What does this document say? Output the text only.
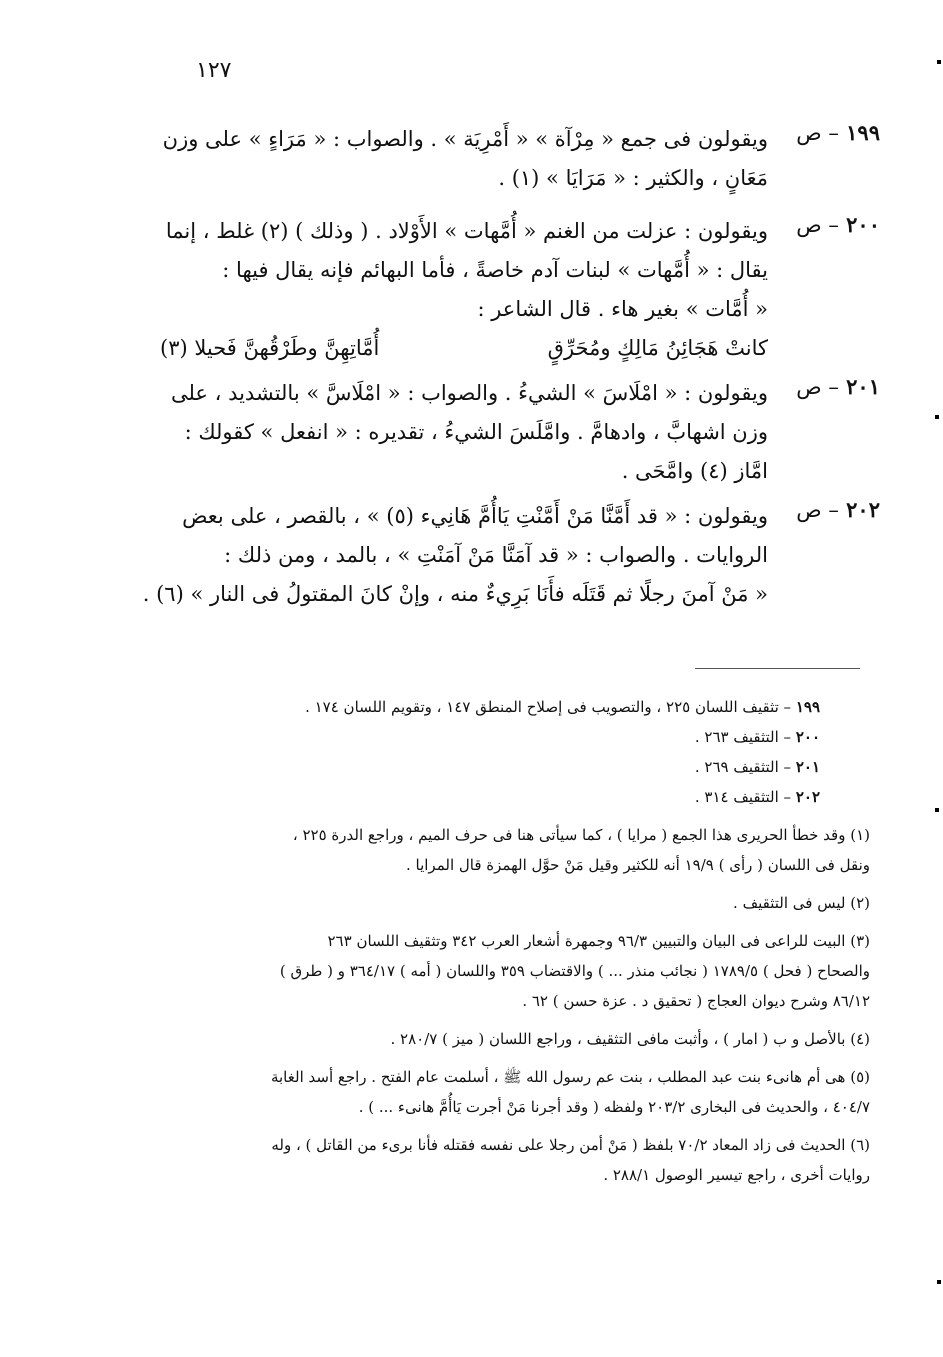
١٢٧
١٩٩ – ص
ويقولون فى جمع « مِرْآة » « أَمْرِيَة » . والصواب : « مَرَاءٍ » على وزن
مَعَانٍ ، والكثير : « مَرَايَا » (١) .
٢٠٠ – ص
ويقولون : عزلت من الغنم « أُمَّهات » الأَوْلاد . ( وذلك ) (٢) غلط ، إنما
يقال : « أُمَّهات » لبنات آدم خاصةً ، فأما البهائم فإنه يقال فيها :
« أُمَّات » بغير هاء . قال الشاعر :
كانتْ هَجَائِنُ مَالِكٍ ومُحَرِّقٍ
أُمَّاتِهِنَّ وطَرْقُهنَّ فَحيلا (٣)
٢٠١ – ص
ويقولون : « امْلَاسَ » الشيءُ . والصواب : « امْلَاسَّ » بالتشديد ، على
وزن اشهابَّ ، وادهامَّ . وامَّلَسَ الشيءُ ، تقديره : « انفعل » كقولك :
امَّاز (٤) وامَّحَى .
٢٠٢ – ص
ويقولون : « قد أَمَّنَّا مَنْ أَمَّنْتِ يَاأُمَّ هَانِيء (٥) » ، بالقصر ، على بعض
الروايات . والصواب : « قد آمَنَّا مَنْ آمَنْتِ » ، بالمد ، ومن ذلك :
« مَنْ آمنَ رجلًا ثم قَتَلَه فأَنَا بَرِيءٌ منه ، وإنْ كانَ المقتولُ فى النار » (٦) .
١٩٩ – تثقيف اللسان ٢٢٥ ، والتصويب فى إصلاح المنطق ١٤٧ ، وتقويم اللسان ١٧٤ .
٢٠٠ – التثقيف ٢٦٣ .
٢٠١ – التثقيف ٢٦٩ .
٢٠٢ – التثقيف ٣١٤ .
(١) وقد خطأ الحريرى هذا الجمع ( مرايا ) ، كما سيأتى هنا فى حرف الميم ، وراجع الدرة ٢٢٥ ،
ونقل فى اللسان ( رأى ) ١٩/٩ أنه للكثير وقيل مَنْ حوَّل الهمزة قال المرايا .
(٢) ليس فى التثقيف .
(٣) البيت للراعى فى البيان والتبيين ٩٦/٣ وجمهرة أشعار العرب ٣٤٢ وتثقيف اللسان ٢٦٣
والصحاح ( فحل ) ١٧٨٩/٥ ( نجائب منذر ... ) والاقتضاب ٣٥٩ واللسان ( أمه ) ٣٦٤/١٧ و ( طرق )
٨٦/١٢ وشرح ديوان العجاج ( تحقيق د . عزة حسن ) ٦٢ .
(٤) بالأصل و ب ( امار ) ، وأثبت مافى التثقيف ، وراجع اللسان ( ميز ) ٢٨٠/٧ .
(٥) هى أم هانىء بنت عبد المطلب ، بنت عم رسول الله ﷺ ، أسلمت عام الفتح . راجع أسد الغابة
٤٠٤/٧ ، والحديث فى البخارى ٢٠٣/٢ ولفظه ( وقد أجرنا مَنْ أجرت يَاأُمَّ هانىء ... ) .
(٦) الحديث فى زاد المعاد ٧٠/٢ بلفظ ( مَنْ أمن رجلا على نفسه فقتله فأنا برىء من القاتل ) ، وله
روايات أخرى ، راجع تيسير الوصول ٢٨٨/١ .
